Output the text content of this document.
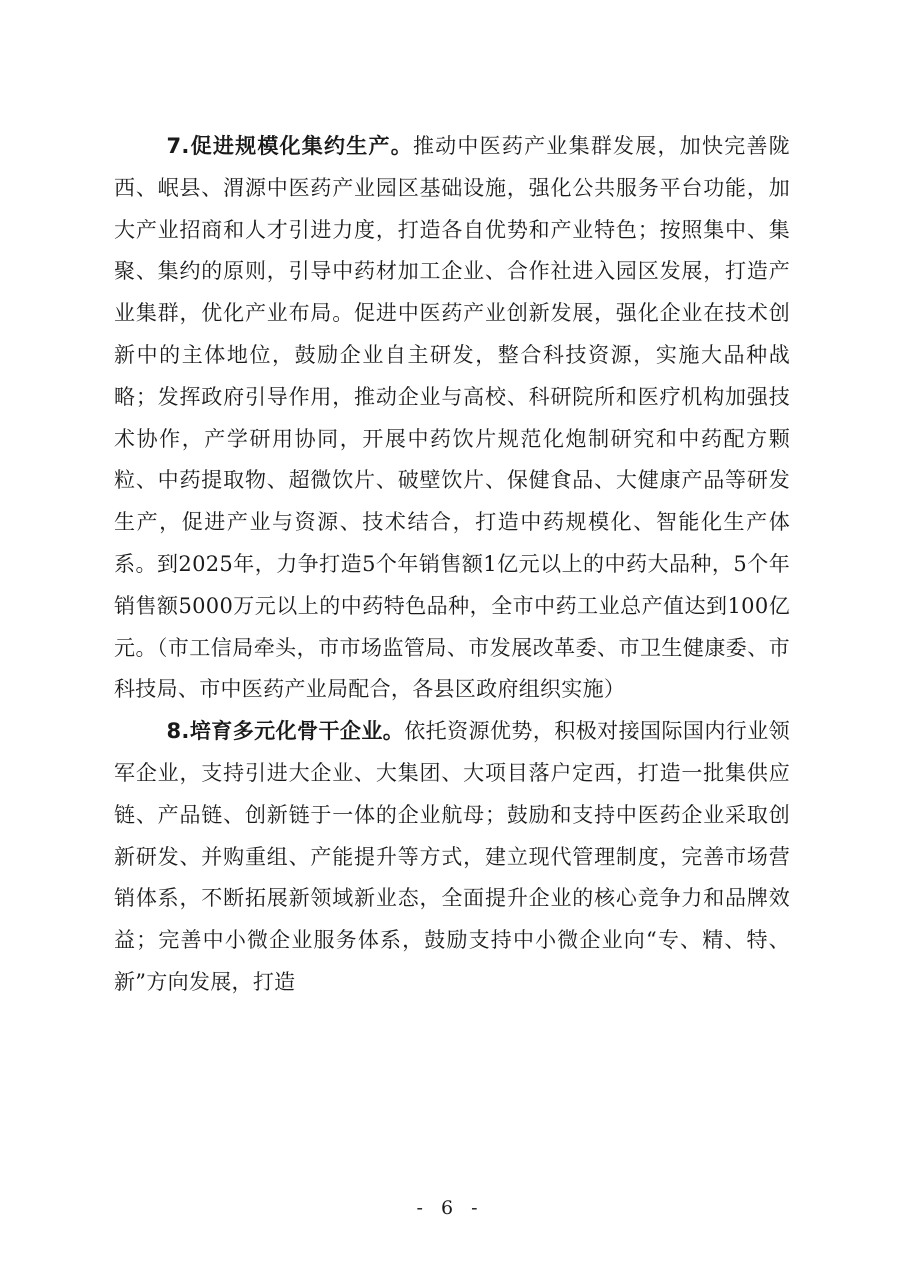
7.促进规模化集约生产。推动中医药产业集群发展，加快完善陇西、岷县、渭源中医药产业园区基础设施，强化公共服务平台功能，加大产业招商和人才引进力度，打造各自优势和产业特色；按照集中、集聚、集约的原则，引导中药材加工企业、合作社进入园区发展，打造产业集群，优化产业布局。促进中医药产业创新发展，强化企业在技术创新中的主体地位，鼓励企业自主研发，整合科技资源，实施大品种战略；发挥政府引导作用，推动企业与高校、科研院所和医疗机构加强技术协作，产学研用协同，开展中药饮片规范化炮制研究和中药配方颗粒、中药提取物、超微饮片、破壁饮片、保健食品、大健康产品等研发生产，促进产业与资源、技术结合，打造中药规模化、智能化生产体系。到2025年，力争打造5个年销售额1亿元以上的中药大品种，5个年销售额5000万元以上的中药特色品种，全市中药工业总产值达到100亿元。（市工信局牵头，市市场监管局、市发展改革委、市卫生健康委、市科技局、市中医药产业局配合，各县区政府组织实施）

8.培育多元化骨干企业。依托资源优势，积极对接国际国内行业领军企业，支持引进大企业、大集团、大项目落户定西，打造一批集供应链、产品链、创新链于一体的企业航母；鼓励和支持中医药企业采取创新研发、并购重组、产能提升等方式，建立现代管理制度，完善市场营销体系，不断拓展新领域新业态，全面提升企业的核心竞争力和品牌效益；完善中小微企业服务体系，鼓励支持中小微企业向“专、精、特、新”方向发展，打造

- 6 -
